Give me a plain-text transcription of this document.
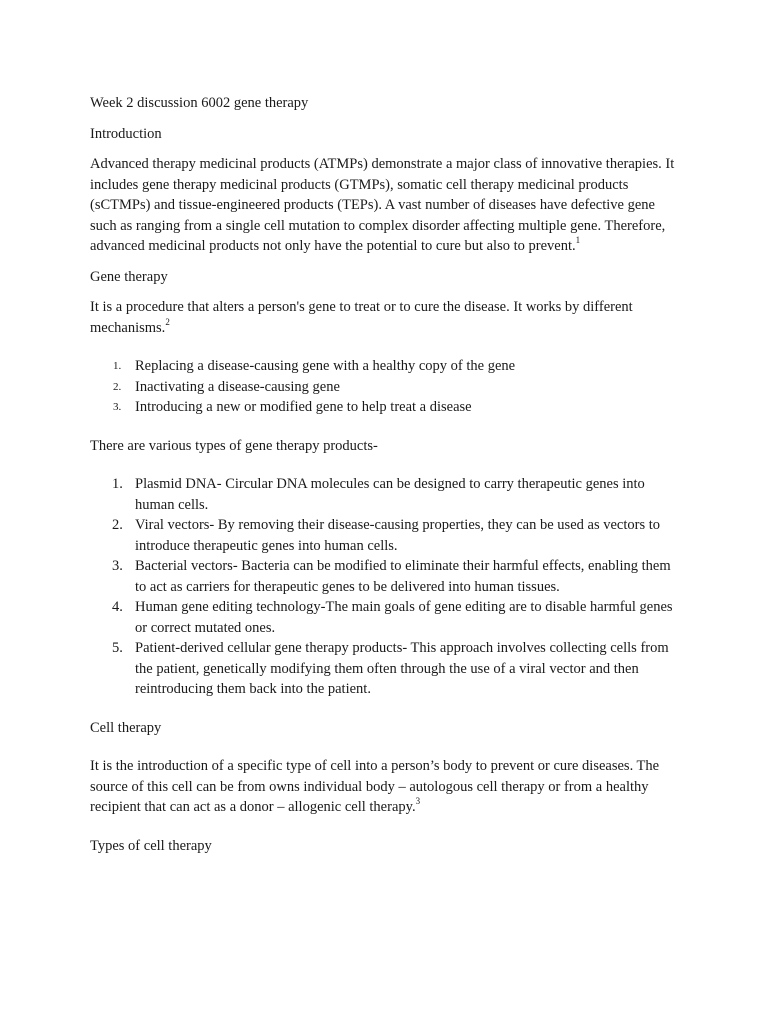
Week 2 discussion 6002 gene therapy

Introduction

Advanced therapy medicinal products (ATMPs) demonstrate a major class of innovative therapies. It includes gene therapy medicinal products (GTMPs), somatic cell therapy medicinal products (sCTMPs) and tissue-engineered products (TEPs). A vast number of diseases have defective gene such as ranging from a single cell mutation to complex disorder affecting multiple gene. Therefore, advanced medicinal products not only have the potential to cure but also to prevent.$^1$

Gene therapy

It is a procedure that alters a person's gene to treat or to cure the disease. It works by different mechanisms.$^2$

Replacing a disease-causing gene with a healthy copy of the gene
Inactivating a disease-causing gene
Introducing a new or modified gene to help treat a disease

There are various types of gene therapy products-

Plasmid DNA- Circular DNA molecules can be designed to carry therapeutic genes into human cells.
Viral vectors- By removing their disease-causing properties, they can be used as vectors to introduce therapeutic genes into human cells.
Bacterial vectors- Bacteria can be modified to eliminate their harmful effects, enabling them to act as carriers for therapeutic genes to be delivered into human tissues.
Human gene editing technology-The main goals of gene editing are to disable harmful genes or correct mutated ones.
Patient-derived cellular gene therapy products- This approach involves collecting cells from the patient, genetically modifying them often through the use of a viral vector and then reintroducing them back into the patient.

Cell therapy

It is the introduction of a specific type of cell into a person’s body to prevent or cure diseases. The source of this cell can be from owns individual body – autologous cell therapy or from a healthy recipient that can act as a donor – allogenic cell therapy.$^3$

Types of cell therapy
